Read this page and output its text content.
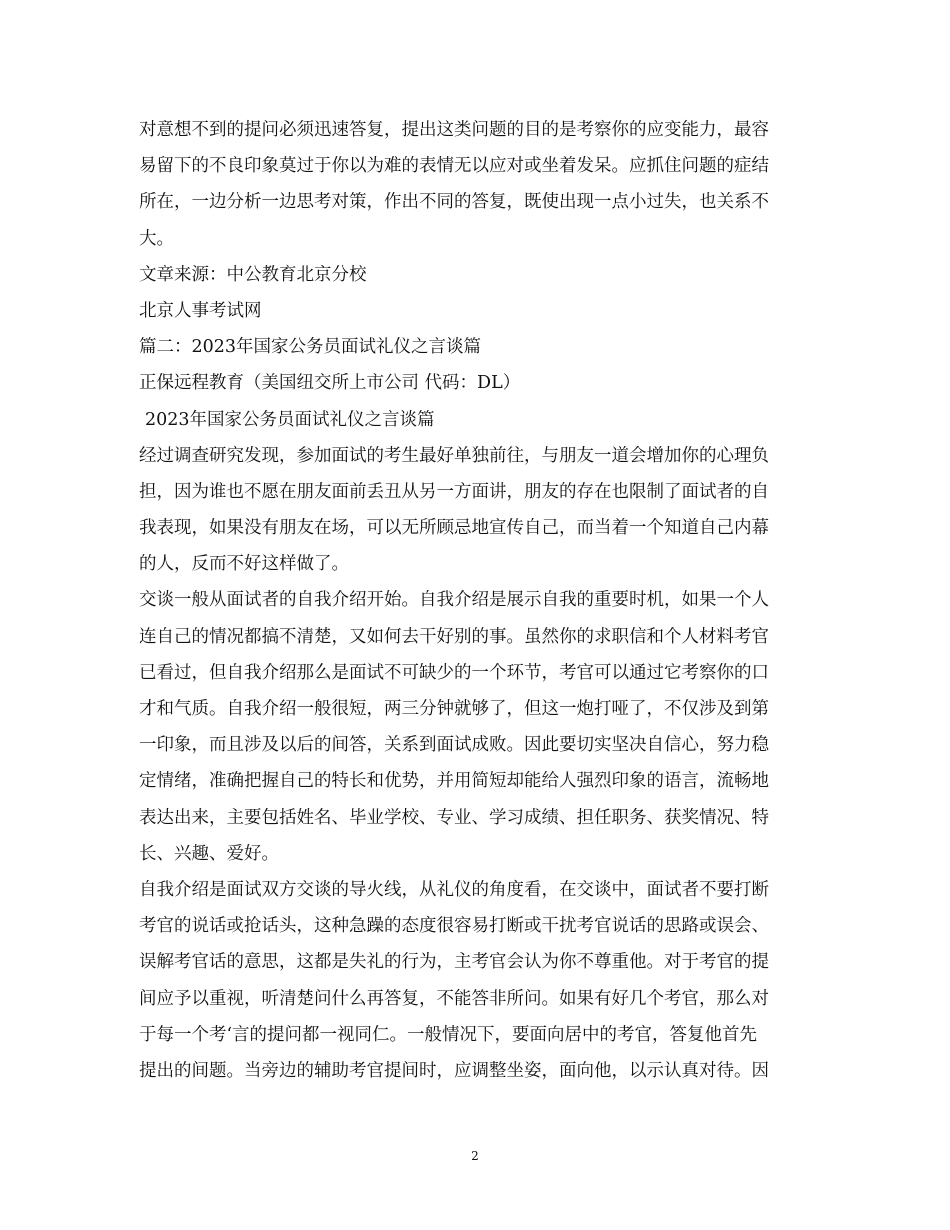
对意想不到的提问必须迅速答复，提出这类问题的目的是考察你的应变能力，最容
易留下的不良印象莫过于你以为难的表情无以应对或坐着发呆。应抓住问题的症结
所在，一边分析一边思考对策，作出不同的答复，既使出现一点小过失，也关系不
大。
文章来源：中公教育北京分校
北京人事考试网
篇二：2023年国家公务员面试礼仪之言谈篇
正保远程教育（美国纽交所上市公司 代码：DL）
2023年国家公务员面试礼仪之言谈篇
经过调查研究发现，参加面试的考生最好单独前往，与朋友一道会增加你的心理负
担，因为谁也不愿在朋友面前丢丑从另一方面讲，朋友的存在也限制了面试者的自
我表现，如果没有朋友在场，可以无所顾忌地宣传自己，而当着一个知道自己内幕
的人，反而不好这样做了。
交谈一般从面试者的自我介绍开始。自我介绍是展示自我的重要时机，如果一个人
连自己的情况都搞不清楚，又如何去干好别的事。虽然你的求职信和个人材料考官
已看过，但自我介绍那么是面试不可缺少的一个环节，考官可以通过它考察你的口
才和气质。自我介绍一般很短，两三分钟就够了，但这一炮打哑了，不仅涉及到第
一印象，而且涉及以后的间答，关系到面试成败。因此要切实坚决自信心，努力稳
定情绪，准确把握自己的特长和优势，并用简短却能给人强烈印象的语言，流畅地
表达出来，主要包括姓名、毕业学校、专业、学习成绩、担任职务、获奖情况、特
长、兴趣、爱好。
自我介绍是面试双方交谈的导火线，从礼仪的角度看，在交谈中，面试者不要打断
考官的说话或抢话头，这种急躁的态度很容易打断或干扰考官说话的思路或误会、
误解考官话的意思，这都是失礼的行为，主考官会认为你不尊重他。对于考官的提
间应予以重视，听清楚问什么再答复，不能答非所问。如果有好几个考官，那么对
于每一个考‘言的提问都一视同仁。一般情况下，要面向居中的考官，答复他首先
提出的间题。当旁边的辅助考官提间时，应调整坐姿，面向他，以示认真对待。因
2
